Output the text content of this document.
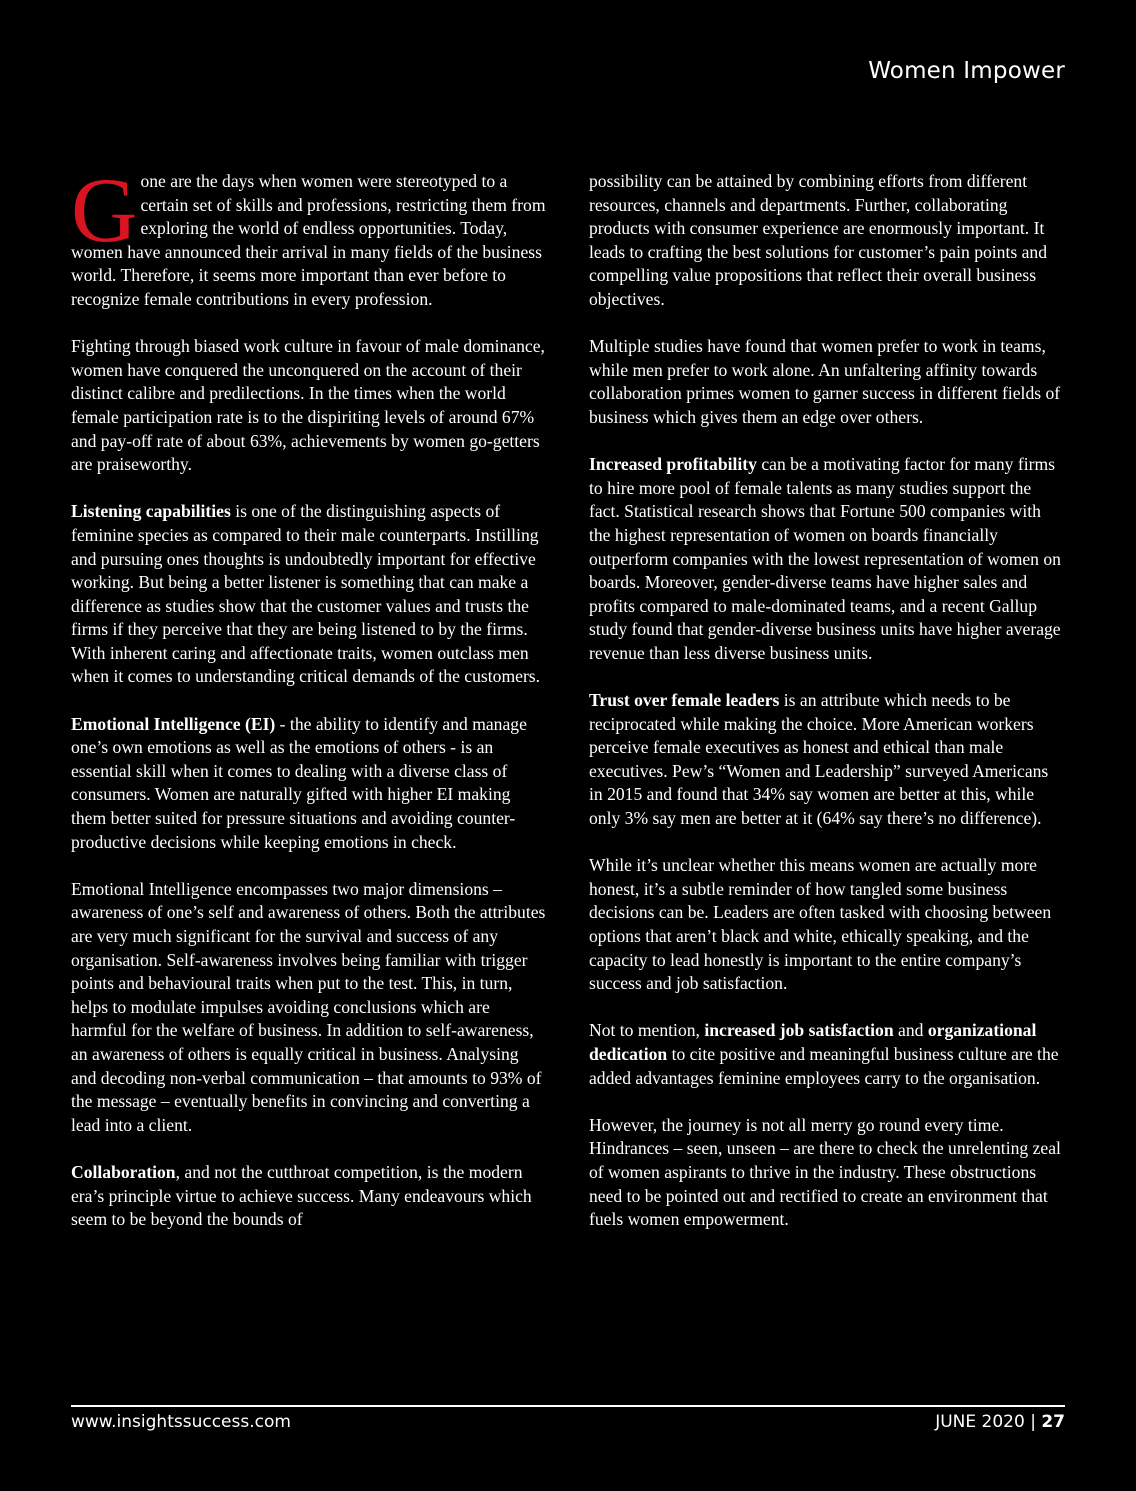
Women Impower

Gone are the days when women were stereotyped to a certain set of skills and professions, restricting them from exploring the world of endless opportunities. Today, women have announced their arrival in many fields of the business world. Therefore, it seems more important than ever before to recognize female contributions in every profession.

Fighting through biased work culture in favour of male dominance, women have conquered the unconquered on the account of their distinct calibre and predilections. In the times when the world female participation rate is to the dispiriting levels of around 67% and pay-off rate of about 63%, achievements by women go-getters are praiseworthy.

Listening capabilities is one of the distinguishing aspects of feminine species as compared to their male counterparts. Instilling and pursuing ones thoughts is undoubtedly important for effective working. But being a better listener is something that can make a difference as studies show that the customer values and trusts the firms if they perceive that they are being listened to by the firms. With inherent caring and affectionate traits, women outclass men when it comes to understanding critical demands of the customers.

Emotional Intelligence (EI) - the ability to identify and manage one’s own emotions as well as the emotions of others - is an essential skill when it comes to dealing with a diverse class of consumers. Women are naturally gifted with higher EI making them better suited for pressure situations and avoiding counter-productive decisions while keeping emotions in check.

Emotional Intelligence encompasses two major dimensions – awareness of one’s self and awareness of others. Both the attributes are very much significant for the survival and success of any organisation. Self-awareness involves being familiar with trigger points and behavioural traits when put to the test. This, in turn, helps to modulate impulses avoiding conclusions which are harmful for the welfare of business. In addition to self-awareness, an awareness of others is equally critical in business. Analysing and decoding non-verbal communication – that amounts to 93% of the message – eventually benefits in convincing and converting a lead into a client.

Collaboration, and not the cutthroat competition, is the modern era’s principle virtue to achieve success. Many endeavours which seem to be beyond the bounds of

possibility can be attained by combining efforts from different resources, channels and departments. Further, collaborating products with consumer experience are enormously important. It leads to crafting the best solutions for customer’s pain points and compelling value propositions that reflect their overall business objectives.

Multiple studies have found that women prefer to work in teams, while men prefer to work alone. An unfaltering affinity towards collaboration primes women to garner success in different fields of business which gives them an edge over others.

Increased profitability can be a motivating factor for many firms to hire more pool of female talents as many studies support the fact. Statistical research shows that Fortune 500 companies with the highest representation of women on boards financially outperform companies with the lowest representation of women on boards. Moreover, gender-diverse teams have higher sales and profits compared to male-dominated teams, and a recent Gallup study found that gender-diverse business units have higher average revenue than less diverse business units.

Trust over female leaders is an attribute which needs to be reciprocated while making the choice. More American workers perceive female executives as honest and ethical than male executives. Pew’s “Women and Leadership” surveyed Americans in 2015 and found that 34% say women are better at this, while only 3% say men are better at it (64% say there’s no difference).

While it’s unclear whether this means women are actually more honest, it’s a subtle reminder of how tangled some business decisions can be. Leaders are often tasked with choosing between options that aren’t black and white, ethically speaking, and the capacity to lead honestly is important to the entire company’s success and job satisfaction.

Not to mention, increased job satisfaction and organizational dedication to cite positive and meaningful business culture are the added advantages feminine employees carry to the organisation.

However, the journey is not all merry go round every time. Hindrances – seen, unseen – are there to check the unrelenting zeal of women aspirants to thrive in the industry. These obstructions need to be pointed out and rectified to create an environment that fuels women empowerment.

www.insightssuccess.com	JUNE 2020 | 27
